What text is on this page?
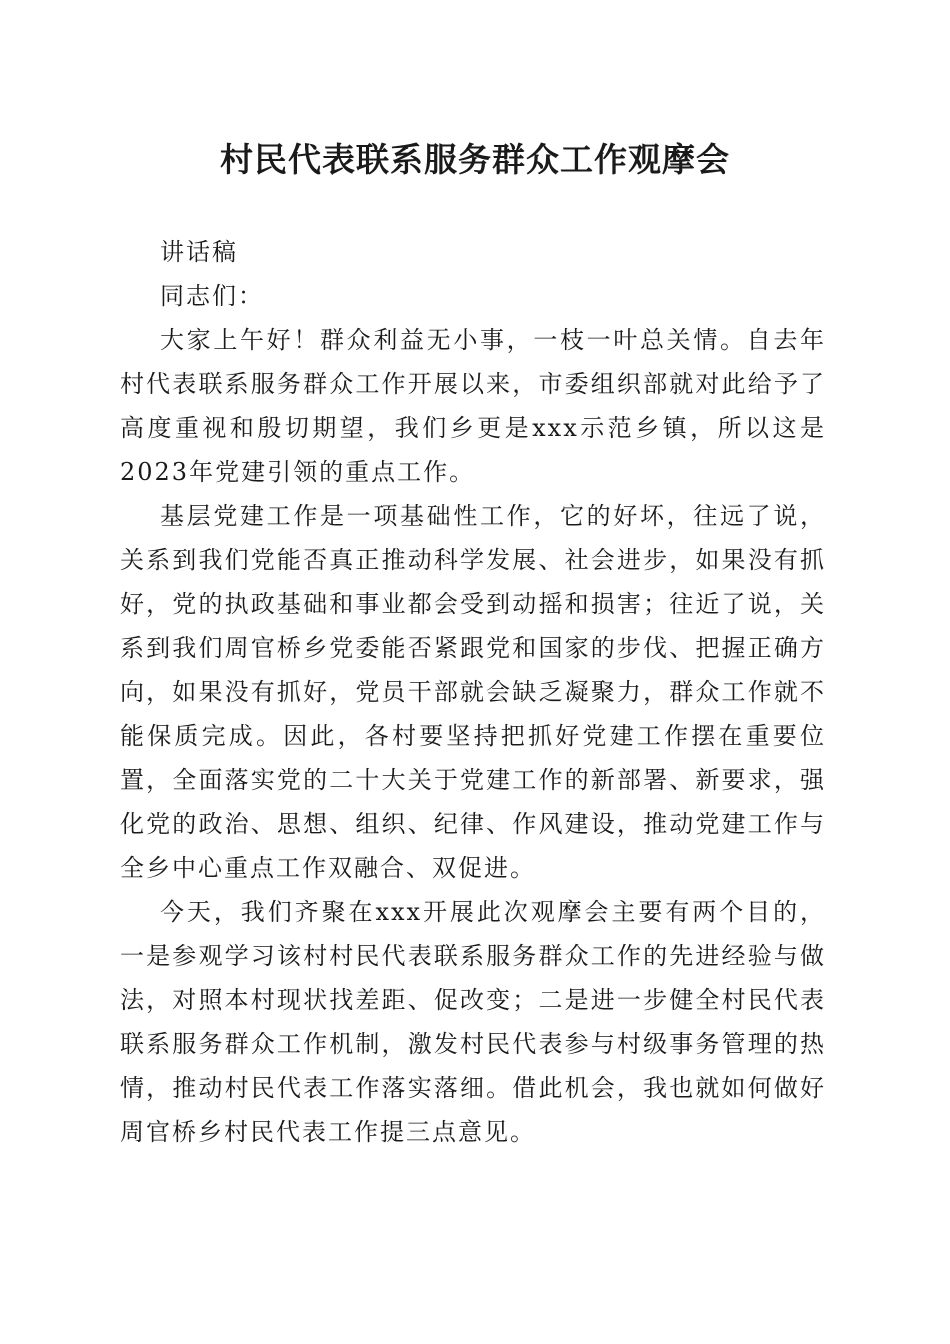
村民代表联系服务群众工作观摩会

讲话稿

同志们：

大家上午好！群众利益无小事，一枝一叶总关情。自去年村代表联系服务群众工作开展以来，市委组织部就对此给予了高度重视和殷切期望，我们乡更是xxx示范乡镇，所以这是2023年党建引领的重点工作。

基层党建工作是一项基础性工作，它的好坏，往远了说，关系到我们党能否真正推动科学发展、社会进步，如果没有抓好，党的执政基础和事业都会受到动摇和损害；往近了说，关系到我们周官桥乡党委能否紧跟党和国家的步伐、把握正确方向，如果没有抓好，党员干部就会缺乏凝聚力，群众工作就不能保质完成。因此，各村要坚持把抓好党建工作摆在重要位置，全面落实党的二十大关于党建工作的新部署、新要求，强化党的政治、思想、组织、纪律、作风建设，推动党建工作与全乡中心重点工作双融合、双促进。

今天，我们齐聚在xxx开展此次观摩会主要有两个目的，一是参观学习该村村民代表联系服务群众工作的先进经验与做法，对照本村现状找差距、促改变；二是进一步健全村民代表联系服务群众工作机制，激发村民代表参与村级事务管理的热情，推动村民代表工作落实落细。借此机会，我也就如何做好周官桥乡村民代表工作提三点意见。
